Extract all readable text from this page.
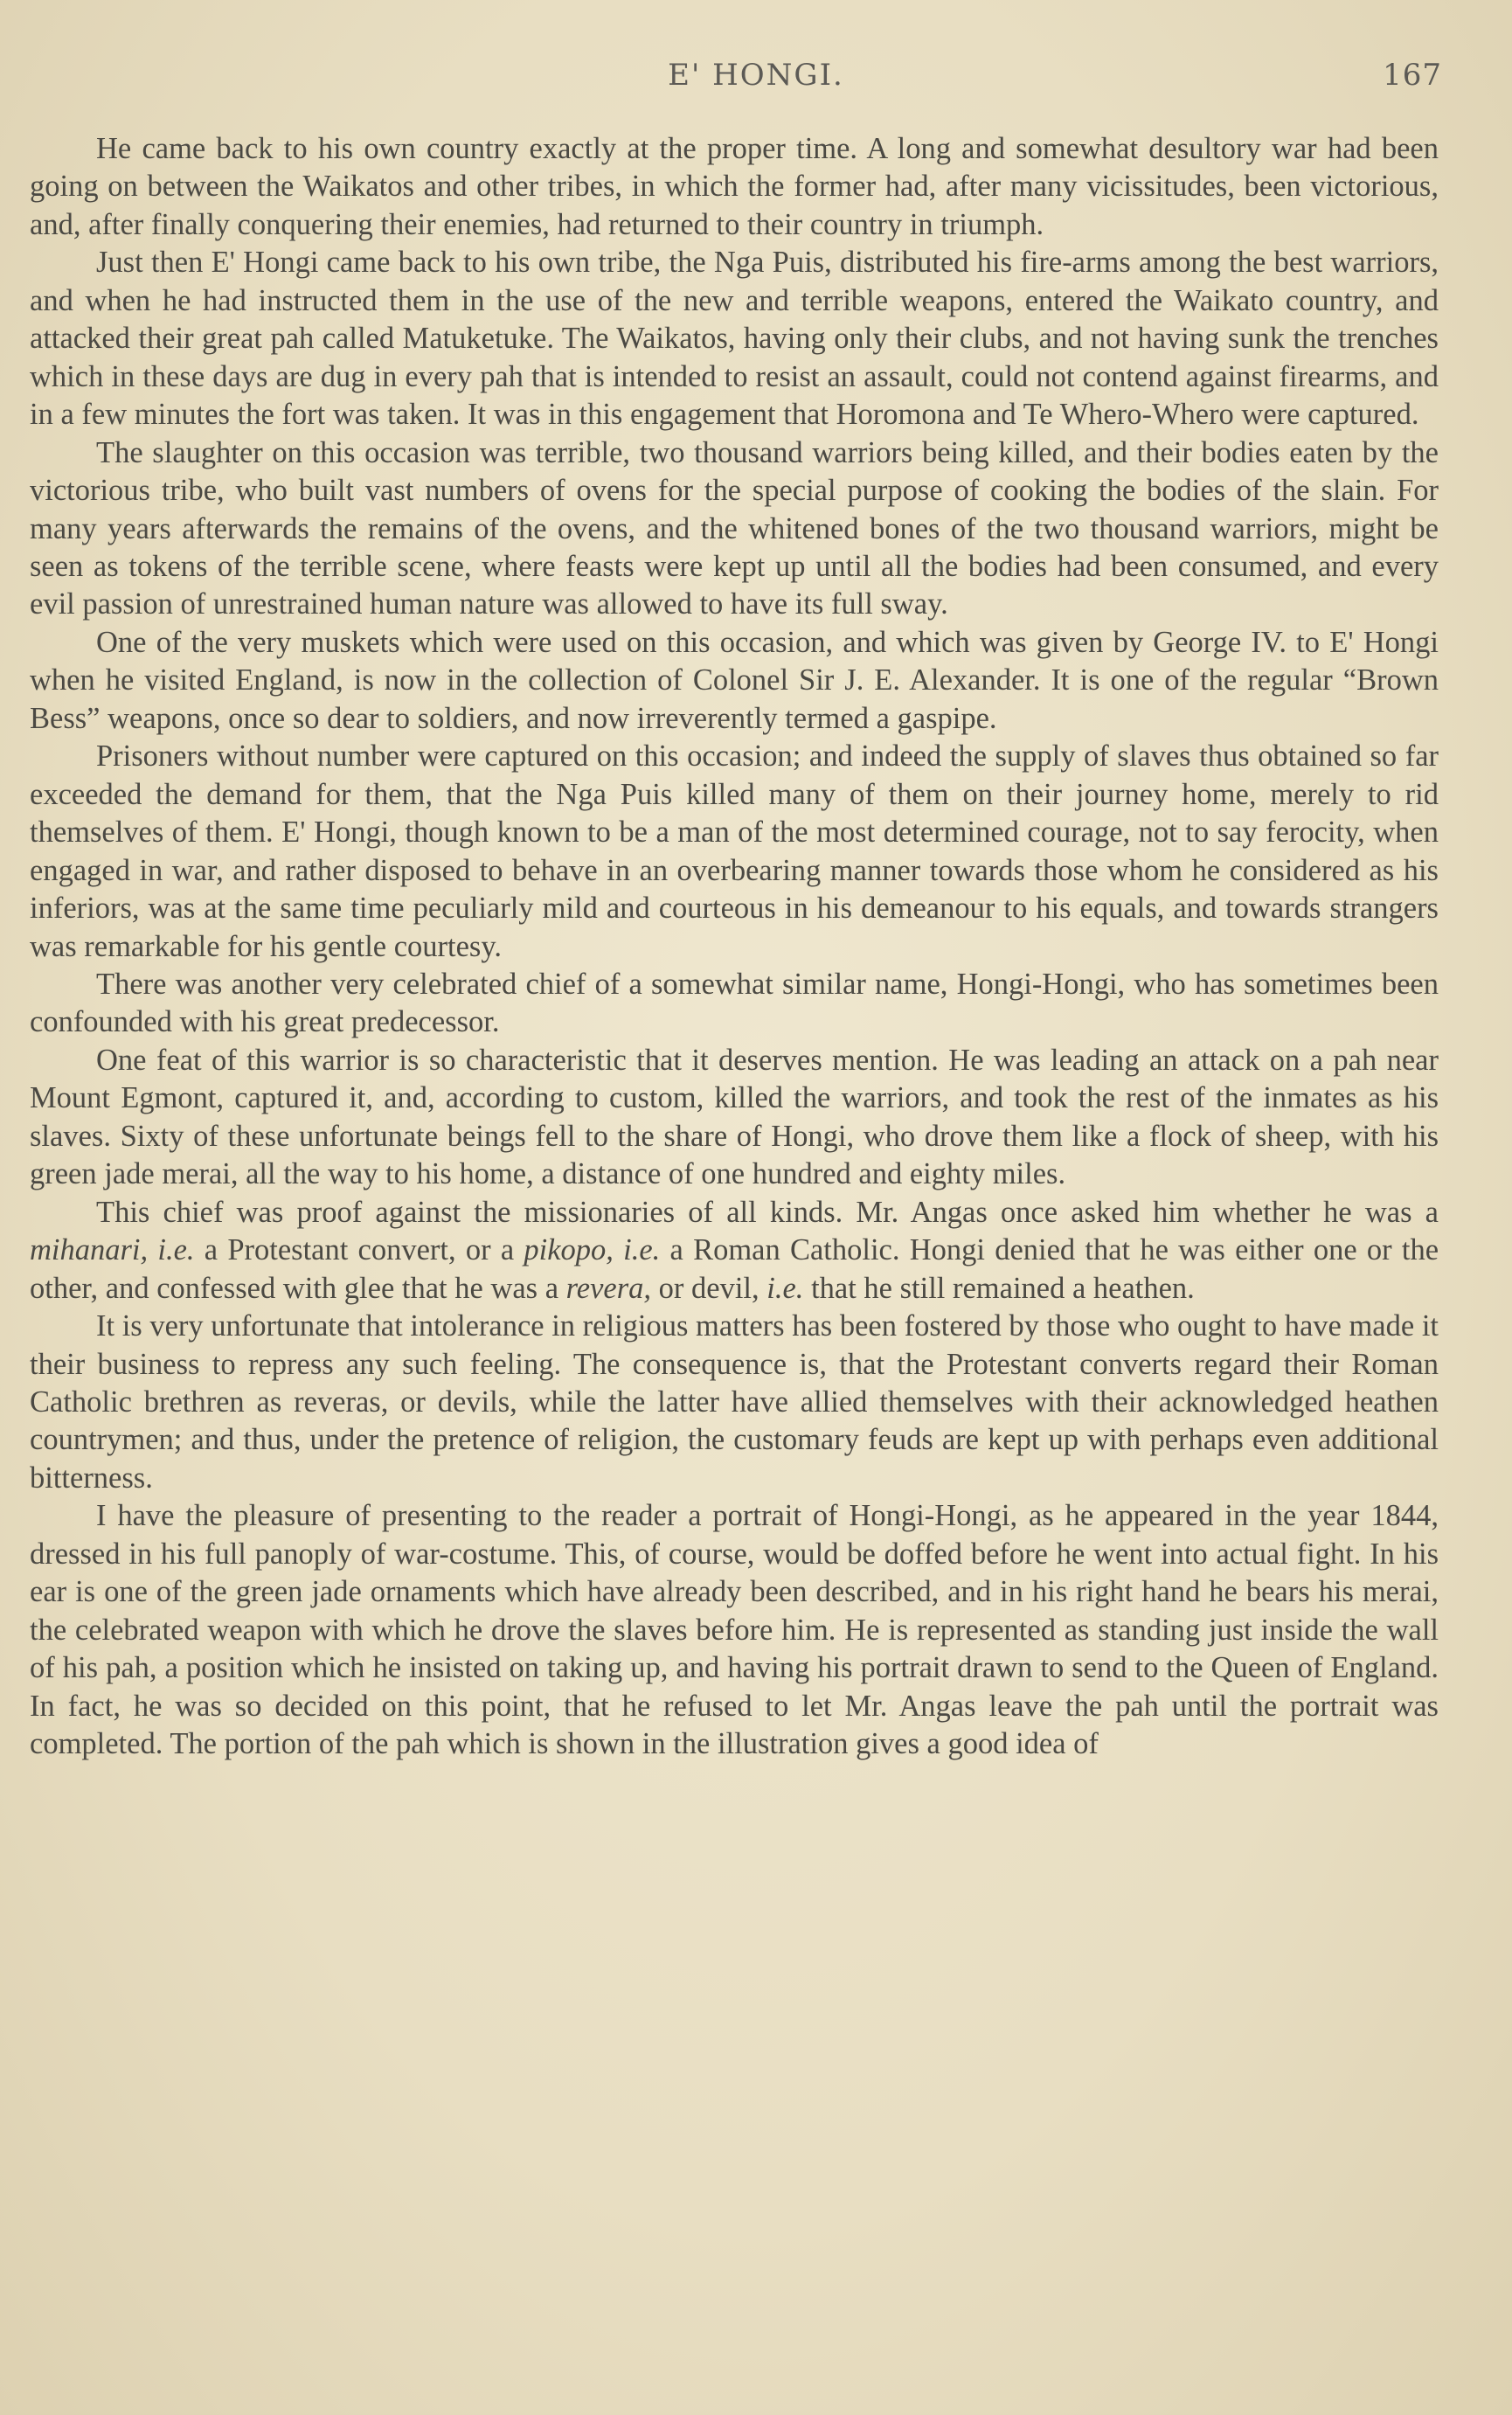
E' HONGI.	167

He came back to his own country exactly at the proper time. A long and somewhat desultory war had been going on between the Waikatos and other tribes, in which the former had, after many vicissitudes, been victorious, and, after finally conquering their enemies, had returned to their country in triumph.

Just then E' Hongi came back to his own tribe, the Nga Puis, distributed his fire-arms among the best warriors, and when he had instructed them in the use of the new and terrible weapons, entered the Waikato country, and attacked their great pah called Matuketuke. The Waikatos, having only their clubs, and not having sunk the trenches which in these days are dug in every pah that is intended to resist an assault, could not contend against firearms, and in a few minutes the fort was taken. It was in this engagement that Horomona and Te Whero-Whero were captured.

The slaughter on this occasion was terrible, two thousand warriors being killed, and their bodies eaten by the victorious tribe, who built vast numbers of ovens for the special purpose of cooking the bodies of the slain. For many years afterwards the remains of the ovens, and the whitened bones of the two thousand warriors, might be seen as tokens of the terrible scene, where feasts were kept up until all the bodies had been consumed, and every evil passion of unrestrained human nature was allowed to have its full sway.

One of the very muskets which were used on this occasion, and which was given by George IV. to E' Hongi when he visited England, is now in the collection of Colonel Sir J. E. Alexander. It is one of the regular “Brown Bess” weapons, once so dear to soldiers, and now irreverently termed a gaspipe.

Prisoners without number were captured on this occasion; and indeed the supply of slaves thus obtained so far exceeded the demand for them, that the Nga Puis killed many of them on their journey home, merely to rid themselves of them. E' Hongi, though known to be a man of the most determined courage, not to say ferocity, when engaged in war, and rather disposed to behave in an overbearing manner towards those whom he considered as his inferiors, was at the same time peculiarly mild and courteous in his demeanour to his equals, and towards strangers was remarkable for his gentle courtesy.

There was another very celebrated chief of a somewhat similar name, Hongi-Hongi, who has sometimes been confounded with his great predecessor.

One feat of this warrior is so characteristic that it deserves mention. He was leading an attack on a pah near Mount Egmont, captured it, and, according to custom, killed the warriors, and took the rest of the inmates as his slaves. Sixty of these unfortunate beings fell to the share of Hongi, who drove them like a flock of sheep, with his green jade merai, all the way to his home, a distance of one hundred and eighty miles.

This chief was proof against the missionaries of all kinds. Mr. Angas once asked him whether he was a mihanari, i.e. a Protestant convert, or a pikopo, i.e. a Roman Catholic. Hongi denied that he was either one or the other, and confessed with glee that he was a revera, or devil, i.e. that he still remained a heathen.

It is very unfortunate that intolerance in religious matters has been fostered by those who ought to have made it their business to repress any such feeling. The consequence is, that the Protestant converts regard their Roman Catholic brethren as reveras, or devils, while the latter have allied themselves with their acknowledged heathen countrymen; and thus, under the pretence of religion, the customary feuds are kept up with perhaps even additional bitterness.

I have the pleasure of presenting to the reader a portrait of Hongi-Hongi, as he appeared in the year 1844, dressed in his full panoply of war-costume. This, of course, would be doffed before he went into actual fight. In his ear is one of the green jade ornaments which have already been described, and in his right hand he bears his merai, the celebrated weapon with which he drove the slaves before him. He is represented as standing just inside the wall of his pah, a position which he insisted on taking up, and having his portrait drawn to send to the Queen of England. In fact, he was so decided on this point, that he refused to let Mr. Angas leave the pah until the portrait was completed. The portion of the pah which is shown in the illustration gives a good idea of
